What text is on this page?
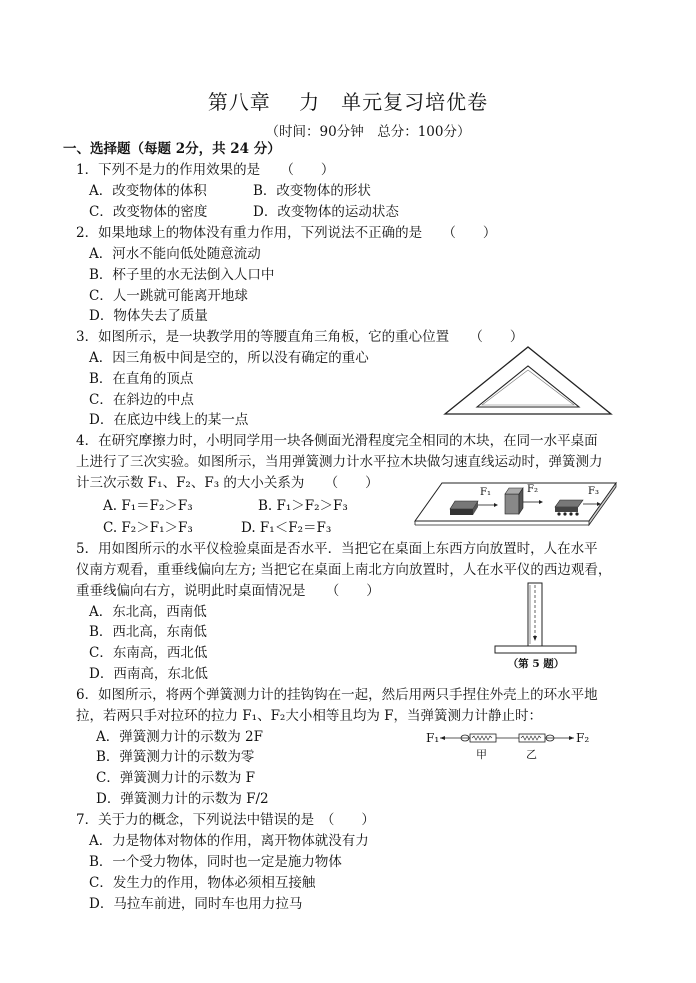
第八章　 力　单元复习培优卷
（时间：90分钟　总分：100分）
一、选择题（每题 2分，共 24 分）
1．下列不是力的作用效果的是　　（　　）
A．改变物体的体积	B．改变物体的形状
C．改变物体的密度	D．改变物体的运动状态
2．如果地球上的物体没有重力作用，下列说法不正确的是　　（　　）
A．河水不能向低处随意流动
B．杯子里的水无法倒入人口中
C．人一跳就可能离开地球
D．物体失去了质量
3．如图所示，是一块教学用的等腰直角三角板，它的重心位置　　（　　）
A．因三角板中间是空的，所以没有确定的重心
B．在直角的顶点
C．在斜边的中点
D．在底边中线上的某一点
4．在研究摩擦力时，小明同学用一块各侧面光滑程度完全相同的木块，在同一水平桌面
上进行了三次实验。如图所示，当用弹簧测力计水平拉木块做匀速直线运动时，弹簧测力
计三次示数 F₁、F₂、F₃ 的大小关系为　　（　　）
A. F₁＝F₂＞F₃	B. F₁＞F₂＞F₃
C. F₂＞F₁＞F₃	D. F₁＜F₂＝F₃
F₁	F₂	F₃
5．用如图所示的水平仪检验桌面是否水平．当把它在桌面上东西方向放置时，人在水平
仪南方观看，重垂线偏向左方; 当把它在桌面上南北方向放置时，人在水平仪的西边观看，
重垂线偏向右方，说明此时桌面情况是　　（　　）
A．东北高，西南低
B．西北高，东南低
C．东南高，西北低
D．西南高，东北低
（第 5 题）
6．如图所示，将两个弹簧测力计的挂钩钩在一起，然后用两只手捏住外壳上的环水平地
拉，若两只手对拉环的拉力 F₁、F₂大小相等且均为 F，当弹簧测力计静止时：
A．弹簧测力计的示数为 2F
B．弹簧测力计的示数为零
C．弹簧测力计的示数为 F
D．弹簧测力计的示数为 F/2
F₁
甲	乙
F₂
7．关于力的概念，下列说法中错误的是　（　　）
A．力是物体对物体的作用，离开物体就没有力
B．一个受力物体，同时也一定是施力物体
C．发生力的作用，物体必须相互接触
D．马拉车前进，同时车也用力拉马
